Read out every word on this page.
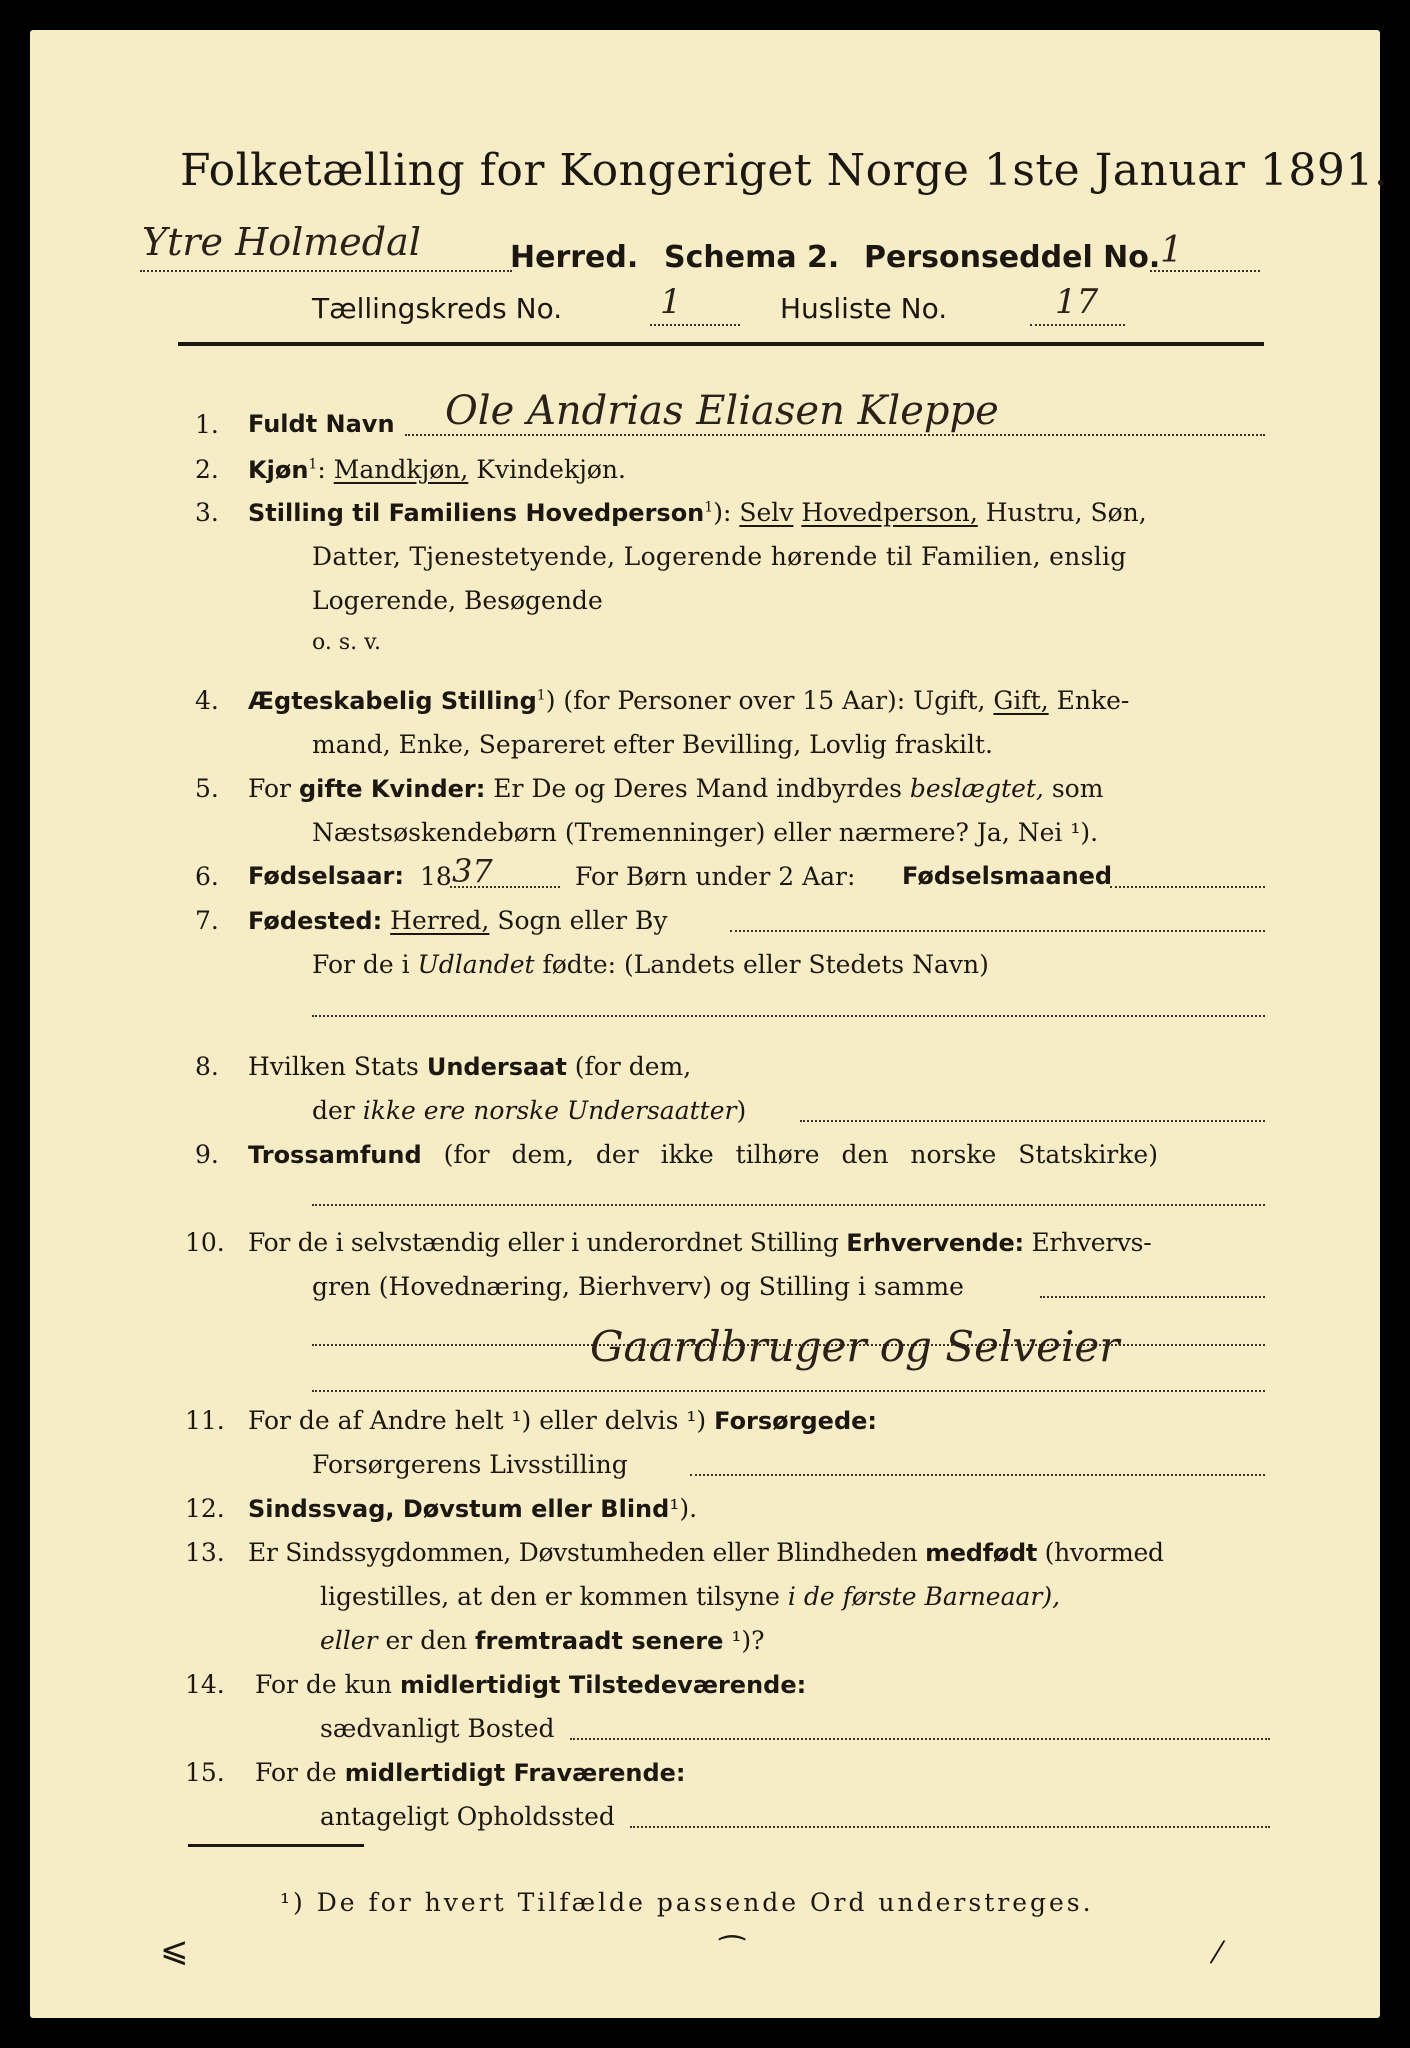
Folketælling for Kongeriget Norge 1ste Januar 1891.
Ytre Holmedal	Herred. Schema 2. Personseddel No. 1
Tællingskreds No.	1	Husliste No.	17
1. Fuldt Navn Ole Andrias Eliasen Kleppe
2. Kjøn$^1$: Mandkjøn, Kvindekjøn.
3. Stilling til Familiens Hovedperson$^1$): Selv Hovedperson, Hustru, Søn,
Datter, Tjenestetyende, Logerende hørende til Familien, enslig
Logerende, Besøgende
o. s. v.
4. Ægteskabelig Stilling$^1$) (for Personer over 15 Aar): Ugift, Gift, Enke-
mand, Enke, Separeret efter Bevilling, Lovlig fraskilt.
5. For gifte Kvinder: Er De og Deres Mand indbyrdes beslægtet, som
Næstsøskendebørn (Tremenninger) eller nærmere? Ja, Nei ¹).
6. Fødselsaar: 18 37	For Børn under 2 Aar: Fødselsmaaned
7. Fødested: Herred, Sogn eller By
For de i Udlandet fødte: (Landets eller Stedets Navn)
8. Hvilken Stats Undersaat (for dem,
der ikke ere norske Undersaatter)
9. Trossamfund (for dem, der ikke tilhøre den norske Statskirke)
10. For de i selvstændig eller i underordnet Stilling Erhvervende: Erhvervs-
gren (Hovednæring, Bierhverv) og Stilling i samme
Gaardbruger og Selveier
11. For de af Andre helt ¹) eller delvis ¹) Forsørgede:
Forsørgerens Livsstilling
12. Sindssvag, Døvstum eller Blind¹).
13. Er Sindssygdommen, Døvstumheden eller Blindheden medfødt (hvormed
ligestilles, at den er kommen tilsyne i de første Barneaar),
eller er den fremtraadt senere ¹)?
14. For de kun midlertidigt Tilstedeværende:
sædvanligt Bosted
15. For de midlertidigt Fraværende:
antageligt Opholdssted
¹) De for hvert Tilfælde passende Ord understreges.
⩽	⁀	⁄
